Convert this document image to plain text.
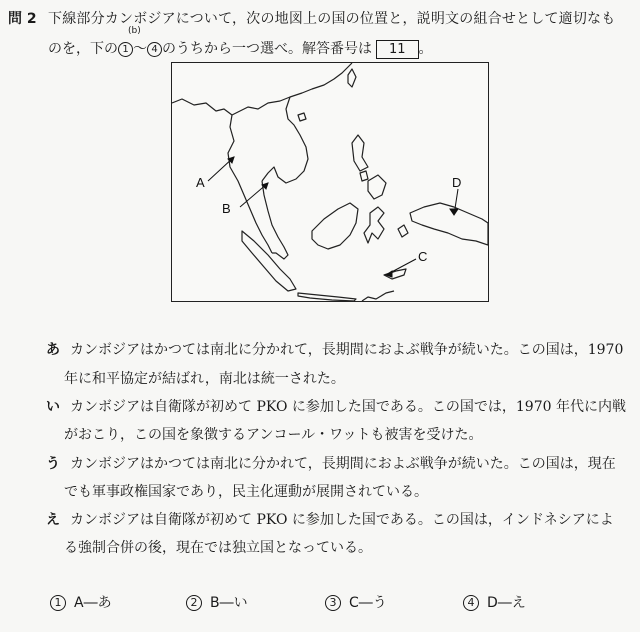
問 2 下線部分カンボジアについて，次の地図上の国の位置と，説明文の組合せとして適切なも
(b)
のを，下の 1 ～ 4 のうちから一つ選べ。解答番号は 11 。
A
B
C
D
あ カンボジアはかつては南北に分かれて，長期間におよぶ戦争が続いた。この国は，1970
年に和平協定が結ばれ，南北は統一された。
い カンボジアは自衛隊が初めて PKO に参加した国である。この国では，1970 年代に内戦
がおこり，この国を象徴するアンコール・ワットも被害を受けた。
う カンボジアはかつては南北に分かれて，長期間におよぶ戦争が続いた。この国は，現在
でも軍事政権国家であり，民主化運動が展開されている。
え カンボジアは自衛隊が初めて PKO に参加した国である。この国は，インドネシアによ
る強制合併の後，現在では独立国となっている。
1 A―あ	2 B―い	3 C―う	4 D―え
